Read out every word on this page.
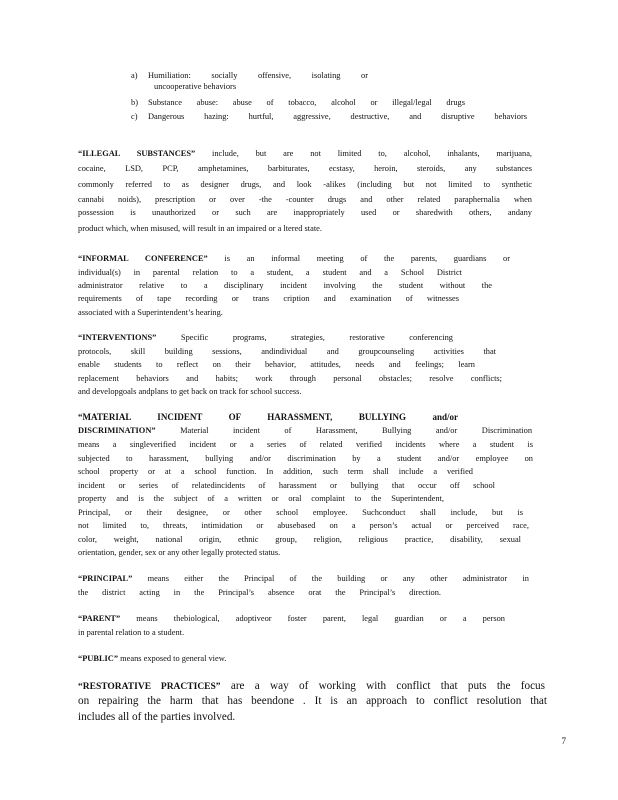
a) Humiliation: socially offensive, isolating or
uncooperative behaviors
b) Substance abuse: abuse of tobacco, alcohol or illegal/legal drugs
c) Dangerous hazing: hurtful, aggressive, destructive, and disruptive behaviors
“ILLEGAL SUBSTANCES” include, but are not limited to, alcohol, inhalants, marijuana,
cocaine, LSD, PCP, amphetamines, barbiturates, ecstasy, heroin, steroids, any substances
commonly referred to as designer drugs, and look -alikes (including but not limited to synthetic
cannabi noids), prescription or over -the -counter drugs and other related paraphernalia when
possession is unauthorized or such are inappropriately used or sharedwith others, andany
product which, when misused, will result in an impaired or a ltered state.
“INFORMAL CONFERENCE” is an informal meeting of the parents, guardians or
individual(s) in parental relation to a student, a student and a School District
administrator relative to a disciplinary incident involving the student without the
requirements of tape recording or trans cription and examination of witnesses
associated with a Superintendent’s hearing.
“INTERVENTIONS”	Specific programs, strategies, restorative conferencing
protocols, skill building sessions, andindividual and groupcounseling activities that
enable students to reflect on their behavior, attitudes, needs and feelings; learn
replacement behaviors and habits; work through personal obstacles; resolve conflicts;
and developgoals andplans to get back on track for school success.
“MATERIAL INCIDENT OF HARASSMENT, BULLYING and/or
DISCRIMINATION”	Material incident of Harassment, Bullying and/or Discrimination
means a singleverified incident or a series of related verified incidents where a student is
subjected to harassment, bullying and/or discrimination by a student and/or employee on
school property or at a school function. In addition, such term shall include a verified
incident or series of relatedincidents of harassment or bullying that occur off school
property and is the subject of a written or oral complaint to the Superintendent,
Principal, or their designee, or other school employee. Suchconduct shall include, but is
not limited to, threats, intimidation or abusebased on a person’s actual or perceived race,
color, weight, national origin, ethnic group, religion, religious practice, disability, sexual
orientation, gender, sex or any other legally protected status.
“PRINCIPAL” means either the Principal of the building or any other administrator in
the district acting in the Principal’s absence orat the Principal’s direction.
“PARENT” means thebiological, adoptiveor foster parent, legal guardian or a person
in parental relation to a student.
“PUBLIC” means exposed to general view.
“RESTORATIVE PRACTICES” are a way of working with conflict that puts the focus
on repairing the harm that has beendone . It is an approach to conflict resolution that
includes all of the parties involved.
7
